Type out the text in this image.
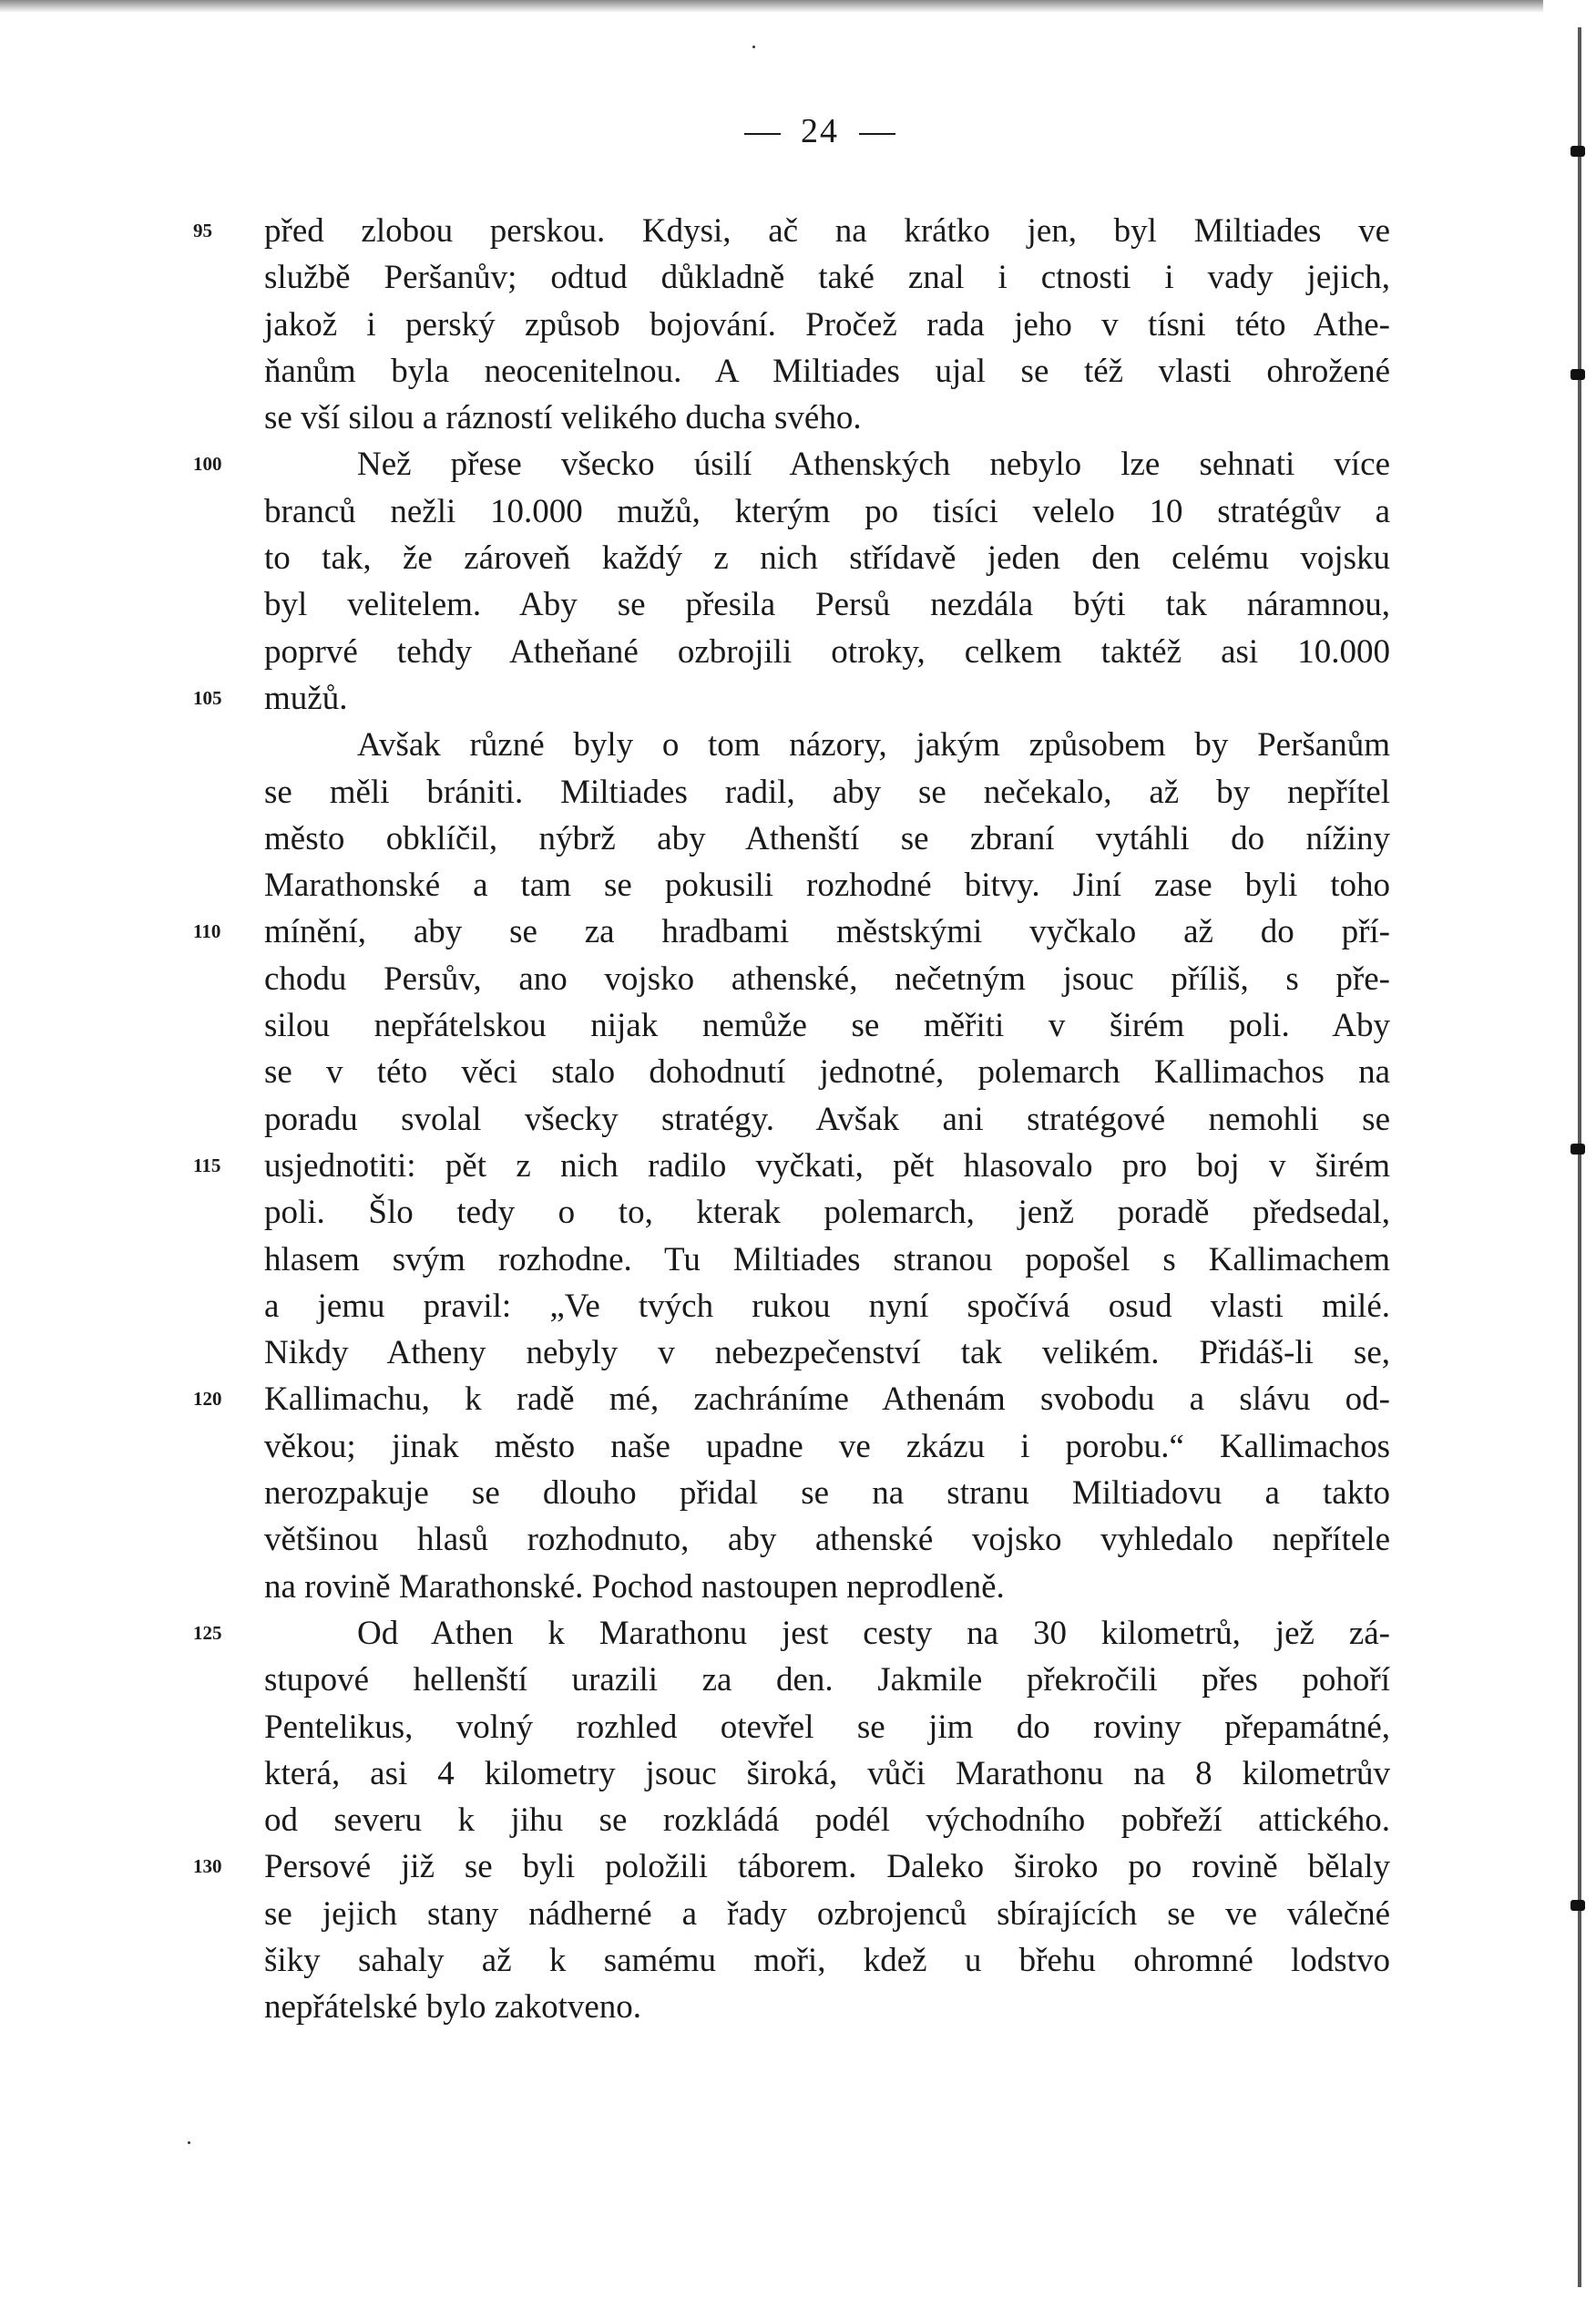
24
95	před zlobou perskou. Kdysi, ač na krátko jen, byl Miltiades ve
službě Peršanův; odtud důkladně také znal i ctnosti i vady jejich,
jakož i perský způsob bojování. Pročež rada jeho v tísni této Athe-
ňanům byla neocenitelnou. A Miltiades ujal se též vlasti ohrožené
se vší silou a rázností velikého ducha svého.
100	Než přese všecko úsilí Athenských nebylo lze sehnati více
branců nežli 10.000 mužů, kterým po tisíci velelo 10 stratégův a
to tak, že zároveň každý z nich střídavě jeden den celému vojsku
byl velitelem. Aby se přesila Persů nezdála býti tak náramnou,
poprvé tehdy Atheňané ozbrojili otroky, celkem taktéž asi 10.000
105	mužů.
Avšak různé byly o tom názory, jakým způsobem by Peršanům
se měli brániti. Miltiades radil, aby se nečekalo, až by nepřítel
město obklíčil, nýbrž aby Athenští se zbraní vytáhli do nížiny
Marathonské a tam se pokusili rozhodné bitvy. Jiní zase byli toho
110	mínění, aby se za hradbami městskými vyčkalo až do pří-
chodu Persův, ano vojsko athenské, nečetným jsouc příliš, s pře-
silou nepřátelskou nijak nemůže se měřiti v širém poli. Aby
se v této věci stalo dohodnutí jednotné, polemarch Kallimachos na
poradu svolal všecky stratégy. Avšak ani stratégové nemohli se
115	usjednotiti: pět z nich radilo vyčkati, pět hlasovalo pro boj v širém
poli. Šlo tedy o to, kterak polemarch, jenž poradě předsedal,
hlasem svým rozhodne. Tu Miltiades stranou popošel s Kallimachem
a jemu pravil: „Ve tvých rukou nyní spočívá osud vlasti milé.
Nikdy Atheny nebyly v nebezpečenství tak velikém. Přidáš-li se,
120	Kallimachu, k radě mé, zachráníme Athenám svobodu a slávu od-
věkou; jinak město naše upadne ve zkázu i porobu.“ Kallimachos
nerozpakuje se dlouho přidal se na stranu Miltiadovu a takto
většinou hlasů rozhodnuto, aby athenské vojsko vyhledalo nepřítele
na rovině Marathonské. Pochod nastoupen neprodleně.
125	Od Athen k Marathonu jest cesty na 30 kilometrů, jež zá-
stupové hellenští urazili za den. Jakmile překročili přes pohoří
Pentelikus, volný rozhled otevřel se jim do roviny přepamátné,
která, asi 4 kilometry jsouc široká, vůči Marathonu na 8 kilometrův
od severu k jihu se rozkládá podél východního pobřeží attického.
130	Persové již se byli položili táborem. Daleko široko po rovině bělaly
se jejich stany nádherné a řady ozbrojenců sbírajících se ve válečné
šiky sahaly až k samému moři, kdež u břehu ohromné lodstvo
nepřátelské bylo zakotveno.
